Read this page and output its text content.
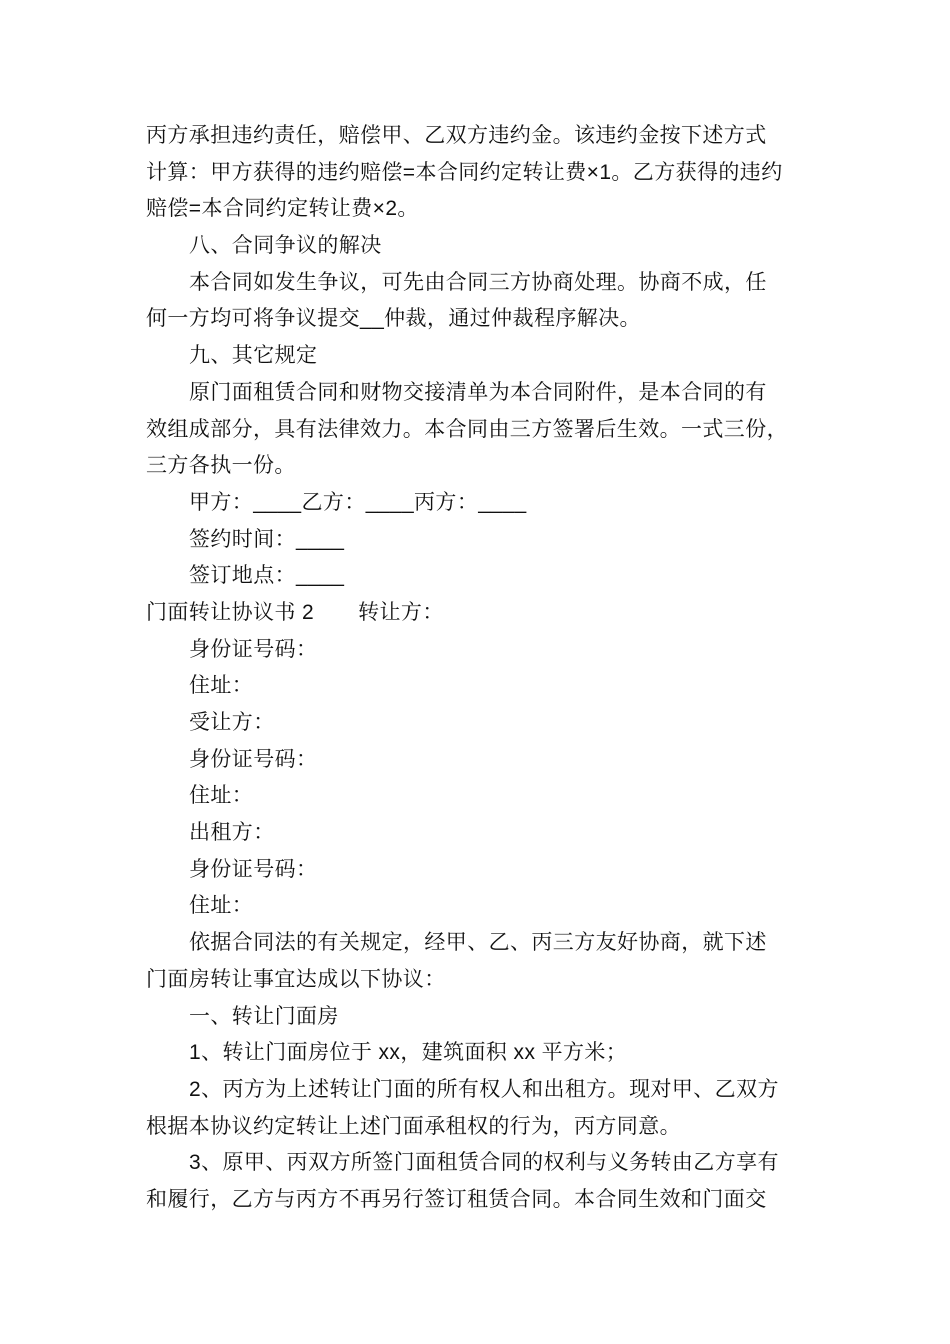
丙方承担违约责任，赔偿甲、乙双方违约金。该违约金按下述方式

计算：甲方获得的违约赔偿=本合同约定转让费×1。乙方获得的违约

赔偿=本合同约定转让费×2。

八、合同争议的解决

本合同如发生争议，可先由合同三方协商处理。协商不成，任

何一方均可将争议提交__仲裁，通过仲裁程序解决。

九、其它规定

原门面租赁合同和财物交接清单为本合同附件，是本合同的有

效组成部分，具有法律效力。本合同由三方签署后生效。一式三份，

三方各执一份。

甲方：____乙方：____丙方：____

签约时间：____

签订地点：____

门面转让协议书 2 转让方：

身份证号码：

住址：

受让方：

身份证号码：

住址：

出租方：

身份证号码：

住址：

依据合同法的有关规定，经甲、乙、丙三方友好协商，就下述

门面房转让事宜达成以下协议：

一、转让门面房

1、转让门面房位于 xx，建筑面积 xx 平方米；

2、丙方为上述转让门面的所有权人和出租方。现对甲、乙双方

根据本协议约定转让上述门面承租权的行为，丙方同意。

3、原甲、丙双方所签门面租赁合同的权利与义务转由乙方享有

和履行，乙方与丙方不再另行签订租赁合同。本合同生效和门面交
